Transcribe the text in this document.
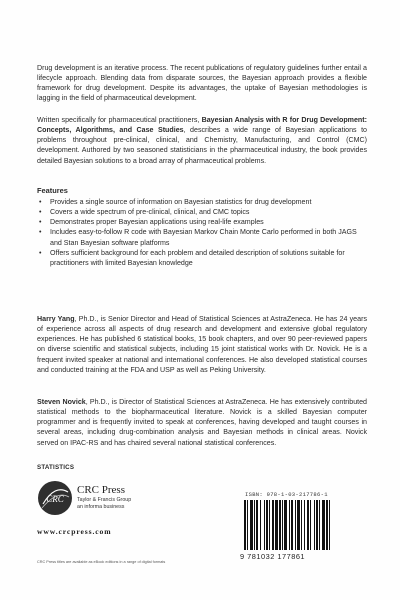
Drug development is an iterative process. The recent publications of regulatory guidelines further entail a lifecycle approach. Blending data from disparate sources, the Bayesian approach provides a flexible framework for drug development. Despite its advantages, the uptake of Bayesian methodologies is lagging in the field of pharmaceutical development.
Written specifically for pharmaceutical practitioners, Bayesian Analysis with R for Drug Development: Concepts, Algorithms, and Case Studies, describes a wide range of Bayesian applications to problems throughout pre-clinical, clinical, and Chemistry, Manufacturing, and Control (CMC) development. Authored by two seasoned statisticians in the pharmaceutical industry, the book provides detailed Bayesian solutions to a broad array of pharmaceutical problems.
Features
• Provides a single source of information on Bayesian statistics for drug development
• Covers a wide spectrum of pre-clinical, clinical, and CMC topics
• Demonstrates proper Bayesian applications using real-life examples
• Includes easy-to-follow R code with Bayesian Markov Chain Monte Carlo performed in both JAGS and Stan Bayesian software platforms
• Offers sufficient background for each problem and detailed description of solutions suitable for practitioners with limited Bayesian knowledge
Harry Yang, Ph.D., is Senior Director and Head of Statistical Sciences at AstraZeneca. He has 24 years of experience across all aspects of drug research and development and extensive global regulatory experiences. He has published 6 statistical books, 15 book chapters, and over 90 peer-reviewed papers on diverse scientific and statistical subjects, including 15 joint statistical works with Dr. Novick. He is a frequent invited speaker at national and international conferences. He also developed statistical courses and conducted training at the FDA and USP as well as Peking University.
Steven Novick, Ph.D., is Director of Statistical Sciences at AstraZeneca. He has extensively contributed statistical methods to the biopharmaceutical literature. Novick is a skilled Bayesian computer programmer and is frequently invited to speak at conferences, having developed and taught courses in several areas, including drug-combination analysis and Bayesian methods in clinical areas. Novick served on IPAC-RS and has chaired several national statistical conferences.
STATISTICS
CRC
CRC Press
Taylor & Francis Group
an informa business
www.crcpress.com
CRC Press titles are available as eBook editions in a range of digital formats
ISBN: 978-1-03-217786-1
9 781032 177861
